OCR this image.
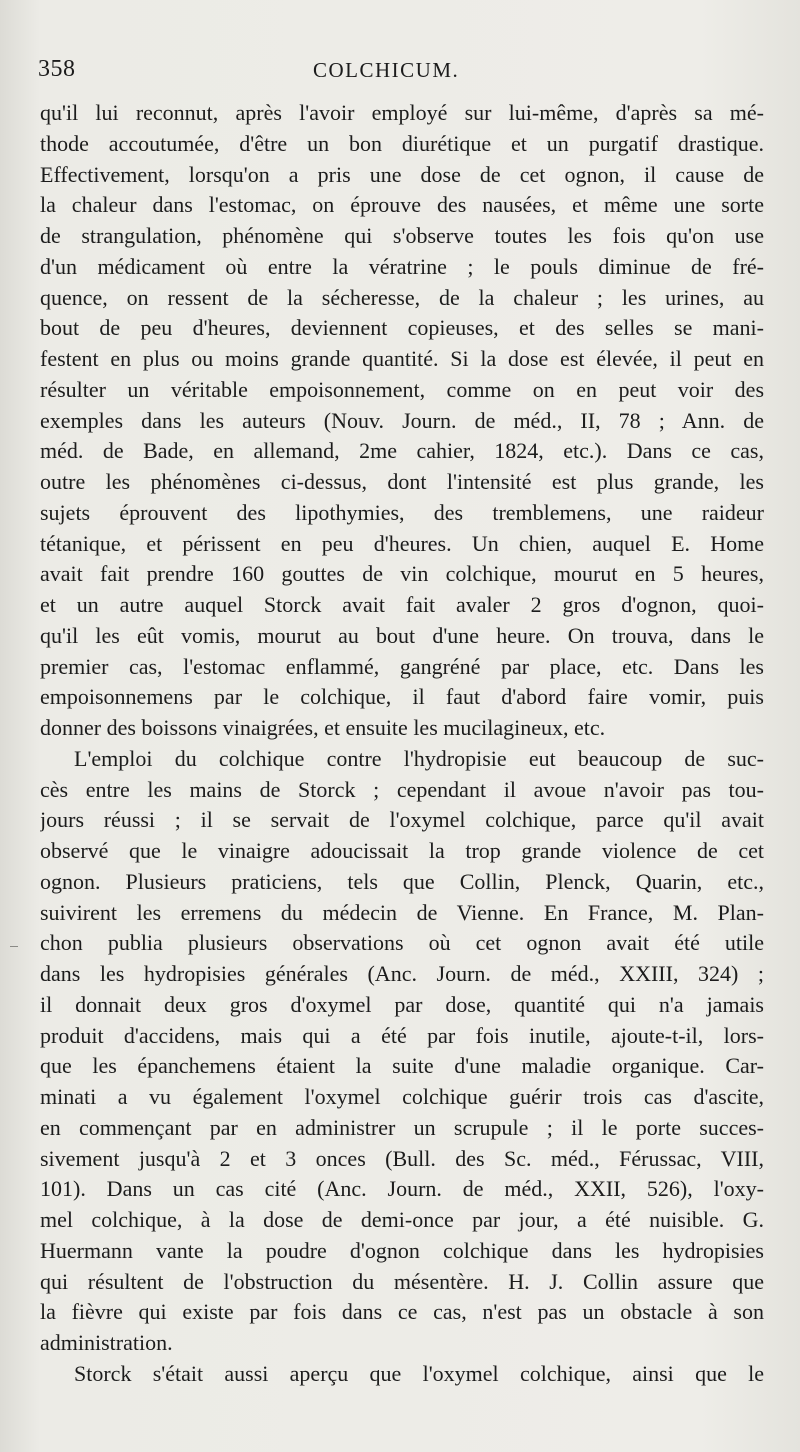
358	COLCHICUM.
qu'il lui reconnut, après l'avoir employé sur lui-même, d'après sa mé-
thode accoutumée, d'être un bon diurétique et un purgatif drastique.
Effectivement, lorsqu'on a pris une dose de cet ognon, il cause de
la chaleur dans l'estomac, on éprouve des nausées, et même une sorte
de strangulation, phénomène qui s'observe toutes les fois qu'on use
d'un médicament où entre la vératrine ; le pouls diminue de fré-
quence, on ressent de la sécheresse, de la chaleur ; les urines, au
bout de peu d'heures, deviennent copieuses, et des selles se mani-
festent en plus ou moins grande quantité. Si la dose est élevée, il peut en
résulter un véritable empoisonnement, comme on en peut voir des
exemples dans les auteurs (Nouv. Journ. de méd., II, 78 ; Ann. de
méd. de Bade, en allemand, 2me cahier, 1824, etc.). Dans ce cas,
outre les phénomènes ci-dessus, dont l'intensité est plus grande, les
sujets éprouvent des lipothymies, des tremblemens, une raideur
tétanique, et périssent en peu d'heures. Un chien, auquel E. Home
avait fait prendre 160 gouttes de vin colchique, mourut en 5 heures,
et un autre auquel Storck avait fait avaler 2 gros d'ognon, quoi-
qu'il les eût vomis, mourut au bout d'une heure. On trouva, dans le
premier cas, l'estomac enflammé, gangréné par place, etc. Dans les
empoisonnemens par le colchique, il faut d'abord faire vomir, puis
donner des boissons vinaigrées, et ensuite les mucilagineux, etc.
L'emploi du colchique contre l'hydropisie eut beaucoup de suc-
cès entre les mains de Storck ; cependant il avoue n'avoir pas tou-
jours réussi ; il se servait de l'oxymel colchique, parce qu'il avait
observé que le vinaigre adoucissait la trop grande violence de cet
ognon. Plusieurs praticiens, tels que Collin, Plenck, Quarin, etc.,
suivirent les erremens du médecin de Vienne. En France, M. Plan-
chon publia plusieurs observations où cet ognon avait été utile
dans les hydropisies générales (Anc. Journ. de méd., XXIII, 324) ;
il donnait deux gros d'oxymel par dose, quantité qui n'a jamais
produit d'accidens, mais qui a été par fois inutile, ajoute-t-il, lors-
que les épanchemens étaient la suite d'une maladie organique. Car-
minati a vu également l'oxymel colchique guérir trois cas d'ascite,
en commençant par en administrer un scrupule ; il le porte succes-
sivement jusqu'à 2 et 3 onces (Bull. des Sc. méd., Férussac, VIII,
101). Dans un cas cité (Anc. Journ. de méd., XXII, 526), l'oxy-
mel colchique, à la dose de demi-once par jour, a été nuisible. G.
Huermann vante la poudre d'ognon colchique dans les hydropisies
qui résultent de l'obstruction du mésentère. H. J. Collin assure que
la fièvre qui existe par fois dans ce cas, n'est pas un obstacle à son
administration.
Storck s'était aussi aperçu que l'oxymel colchique, ainsi que le
